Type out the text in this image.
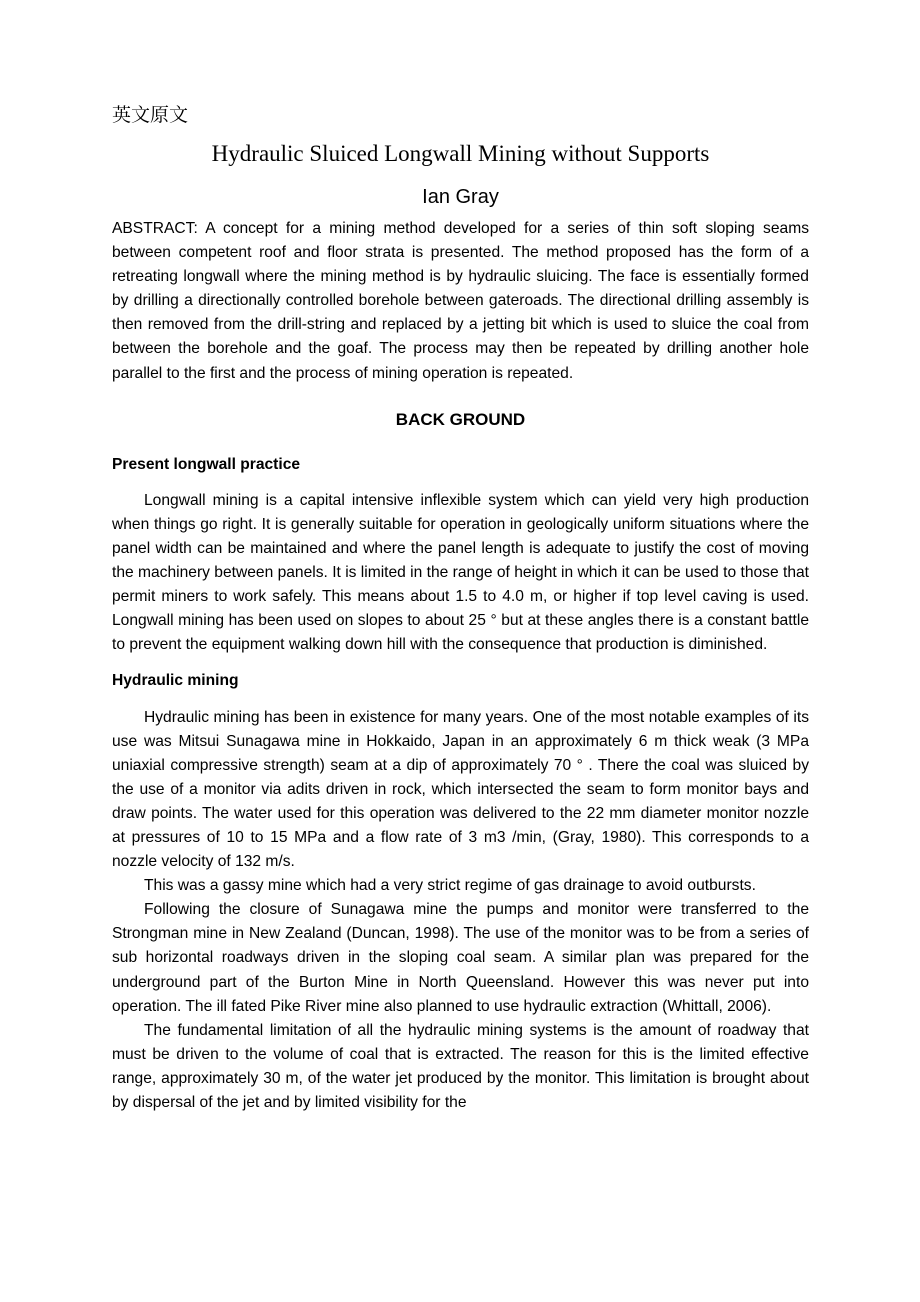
英文原文
Hydraulic Sluiced Longwall Mining without Supports
Ian Gray

ABSTRACT: A concept for a mining method developed for a series of thin soft sloping seams between competent roof and floor strata is presented. The method proposed has the form of a retreating longwall where the mining method is by hydraulic sluicing. The face is essentially formed by drilling a directionally controlled borehole between gateroads. The directional drilling assembly is then removed from the drill-string and replaced by a jetting bit which is used to sluice the coal from between the borehole and the goaf. The process may then be repeated by drilling another hole parallel to the first and the process of mining operation is repeated.

BACK GROUND
Present longwall practice

Longwall mining is a capital intensive inflexible system which can yield very high production when things go right. It is generally suitable for operation in geologically uniform situations where the panel width can be maintained and where the panel length is adequate to justify the cost of moving the machinery between panels. It is limited in the range of height in which it can be used to those that permit miners to work safely. This means about 1.5 to 4.0 m, or higher if top level caving is used. Longwall mining has been used on slopes to about 25 ° but at these angles there is a constant battle to prevent the equipment walking down hill with the consequence that production is diminished.

Hydraulic mining

Hydraulic mining has been in existence for many years. One of the most notable examples of its use was Mitsui Sunagawa mine in Hokkaido, Japan in an approximately 6 m thick weak (3 MPa uniaxial compressive strength) seam at a dip of approximately 70 ° . There the coal was sluiced by the use of a monitor via adits driven in rock, which intersected the seam to form monitor bays and draw points. The water used for this operation was delivered to the 22 mm diameter monitor nozzle at pressures of 10 to 15 MPa and a flow rate of 3 m3 /min, (Gray, 1980). This corresponds to a nozzle velocity of 132 m/s.

This was a gassy mine which had a very strict regime of gas drainage to avoid outbursts.

Following the closure of Sunagawa mine the pumps and monitor were transferred to the Strongman mine in New Zealand (Duncan, 1998). The use of the monitor was to be from a series of sub horizontal roadways driven in the sloping coal seam. A similar plan was prepared for the underground part of the Burton Mine in North Queensland. However this was never put into operation. The ill fated Pike River mine also planned to use hydraulic extraction (Whittall, 2006).

The fundamental limitation of all the hydraulic mining systems is the amount of roadway that must be driven to the volume of coal that is extracted. The reason for this is the limited effective range, approximately 30 m, of the water jet produced by the monitor. This limitation is brought about by dispersal of the jet and by limited visibility for the
